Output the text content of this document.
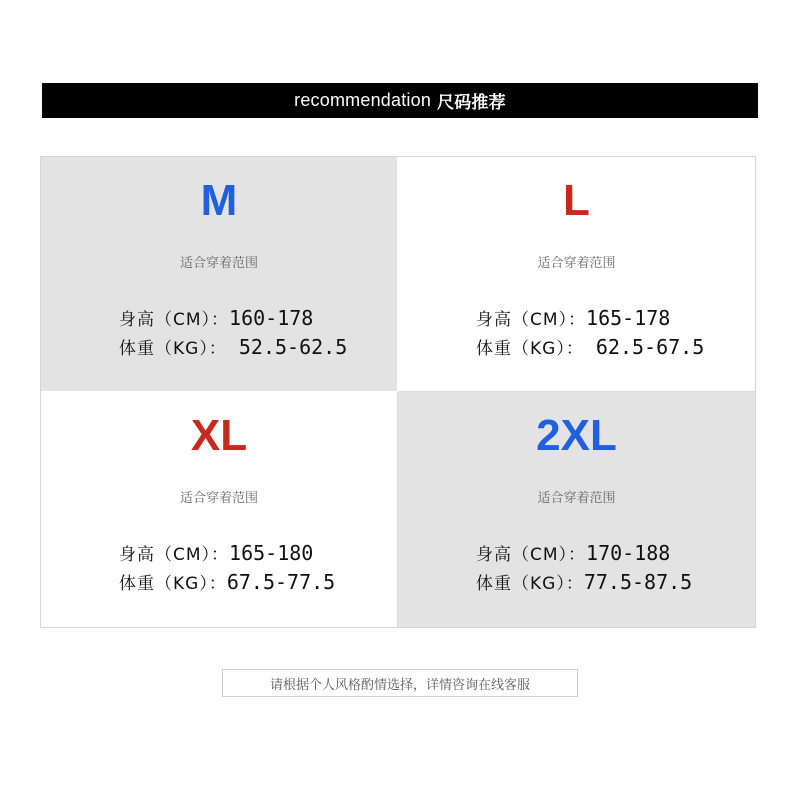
recommendation 尺码推荐
M
适合穿着范围
身高（CM）：160-178
体重（KG）： 52.5-62.5
L
适合穿着范围
身高（CM）：165-178
体重（KG）： 62.5-67.5
XL
适合穿着范围
身高（CM）：165-180
体重（KG）：67.5-77.5
2XL
适合穿着范围
身高（CM）：170-188
体重（KG）：77.5-87.5
请根据个人风格酌情选择，详情咨询在线客服
